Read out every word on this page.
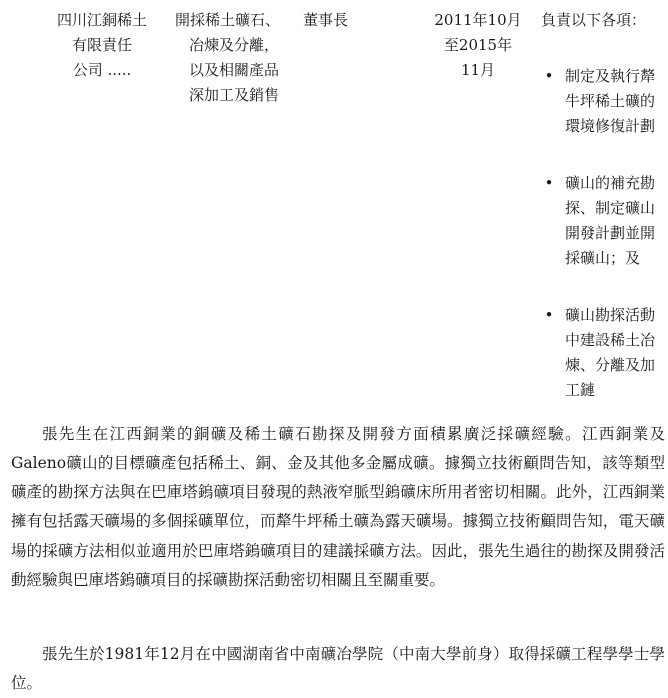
四川江銅稀土
有限責任
公司 .....
開採稀土礦石、
冶煉及分離，
以及相關產品
深加工及銷售
董事長	2011年10月
至2015年
11月
負責以下各項：
• 制定及執行犛
牛坪稀土礦的
環境修復計劃
• 礦山的補充勘
探、制定礦山
開發計劃並開
採礦山；及
• 礦山勘探活動
中建設稀土冶
煉、分離及加
工鏈

張先生在江西銅業的銅礦及稀土礦石勘探及開發方面積累廣泛採礦經驗。江西銅業及Galeno礦山的目標礦產包括稀土、銅、金及其他多金屬成礦。據獨立技術顧問告知，該等類型礦產的勘探方法與在巴庫塔鎢礦項目發現的熱液窄脈型鎢礦床所用者密切相關。此外，江西銅業擁有包括露天礦場的多個採礦單位，而犛牛坪稀土礦為露天礦場。據獨立技術顧問告知，電天礦場的採礦方法相似並適用於巴庫塔鎢礦項目的建議採礦方法。因此，張先生過往的勘探及開發活動經驗與巴庫塔鎢礦項目的採礦勘探活動密切相關且至關重要。

張先生於1981年12月在中國湖南省中南礦冶學院（中南大學前身）取得採礦工程學學士學位。
